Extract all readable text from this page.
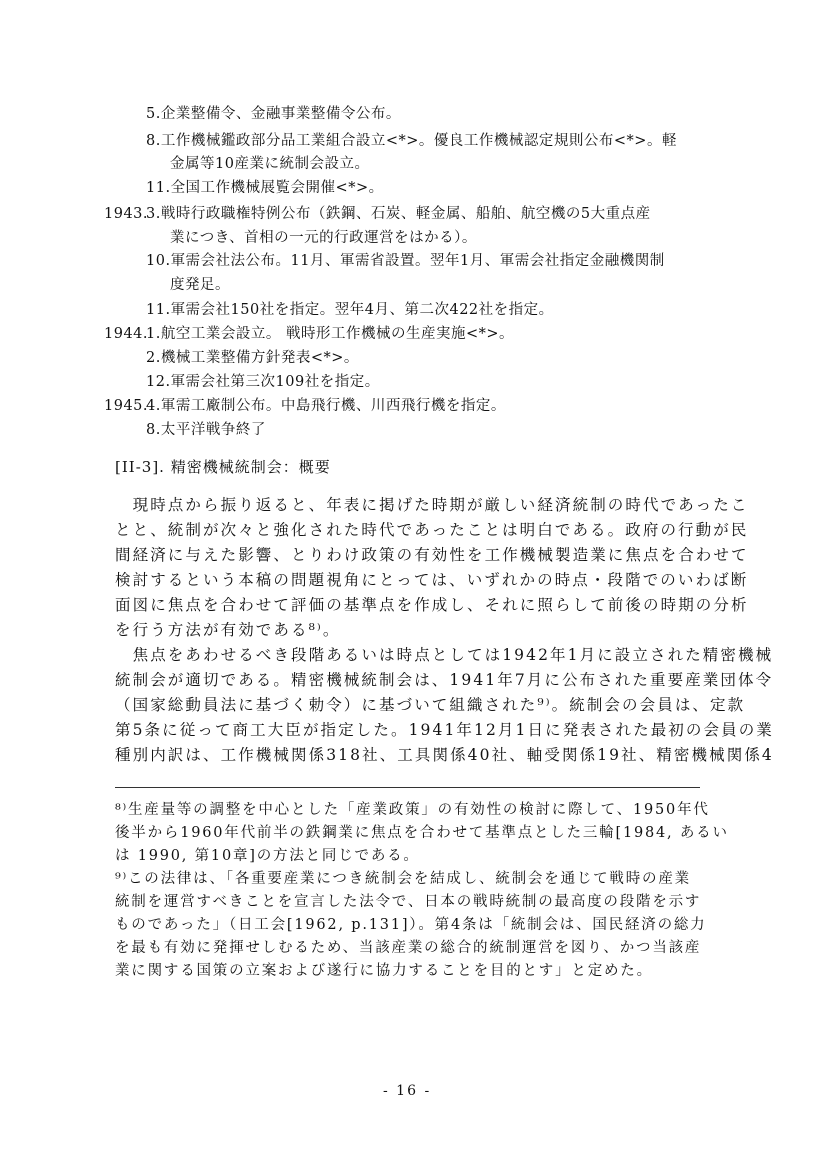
5.企業整備令、金融事業整備令公布。
8.工作機械鑑政部分品工業組合設立<*>。優良工作機械認定規則公布<*>。軽
金属等10産業に統制会設立。
11.全国工作機械展覧会開催<*>。
1943.3.戦時行政職権特例公布（鉄鋼、石炭、軽金属、船舶、航空機の5大重点産
業につき、首相の一元的行政運営をはかる）。
10.軍需会社法公布。11月、軍需省設置。翌年1月、軍需会社指定金融機関制
度発足。
11.軍需会社150社を指定。翌年4月、第二次422社を指定。
1944.1.航空工業会設立。 戦時形工作機械の生産実施<*>。
2.機械工業整備方針発表<*>。
12.軍需会社第三次109社を指定。
1945.4.軍需工廠制公布。中島飛行機、川西飛行機を指定。
8.太平洋戦争終了
[II-3]. 精密機械統制会：概要
　現時点から振り返ると、年表に掲げた時期が厳しい経済統制の時代であったこ
とと、統制が次々と強化された時代であったことは明白である。政府の行動が民
間経済に与えた影響、とりわけ政策の有効性を工作機械製造業に焦点を合わせて
検討するという本稿の問題視角にとっては、いずれかの時点・段階でのいわば断
面図に焦点を合わせて評価の基準点を作成し、それに照らして前後の時期の分析
を行う方法が有効である⁸⁾。
　焦点をあわせるべき段階あるいは時点としては1942年1月に設立された精密機械
統制会が適切である。精密機械統制会は、1941年7月に公布された重要産業団体令
（国家総動員法に基づく勅令）に基づいて組織された⁹⁾。統制会の会員は、定款
第5条に従って商工大臣が指定した。1941年12月1日に発表された最初の会員の業
種別内訳は、工作機械関係318社、工具関係40社、軸受関係19社、精密機械関係4
⁸⁾生産量等の調整を中心とした「産業政策」の有効性の検討に際して、1950年代
後半から1960年代前半の鉄鋼業に焦点を合わせて基準点とした三輪[1984, あるい
は 1990, 第10章]の方法と同じである。
⁹⁾この法律は、「各重要産業につき統制会を結成し、統制会を通じて戦時の産業
統制を運営すべきことを宣言した法令で、日本の戦時統制の最高度の段階を示す
ものであった」（日工会[1962, p.131]）。第4条は「統制会は、国民経済の総力
を最も有効に発揮せしむるため、当該産業の総合的統制運営を図り、かつ当該産
業に関する国策の立案および遂行に協力することを目的とす」と定めた。
- 16 -
